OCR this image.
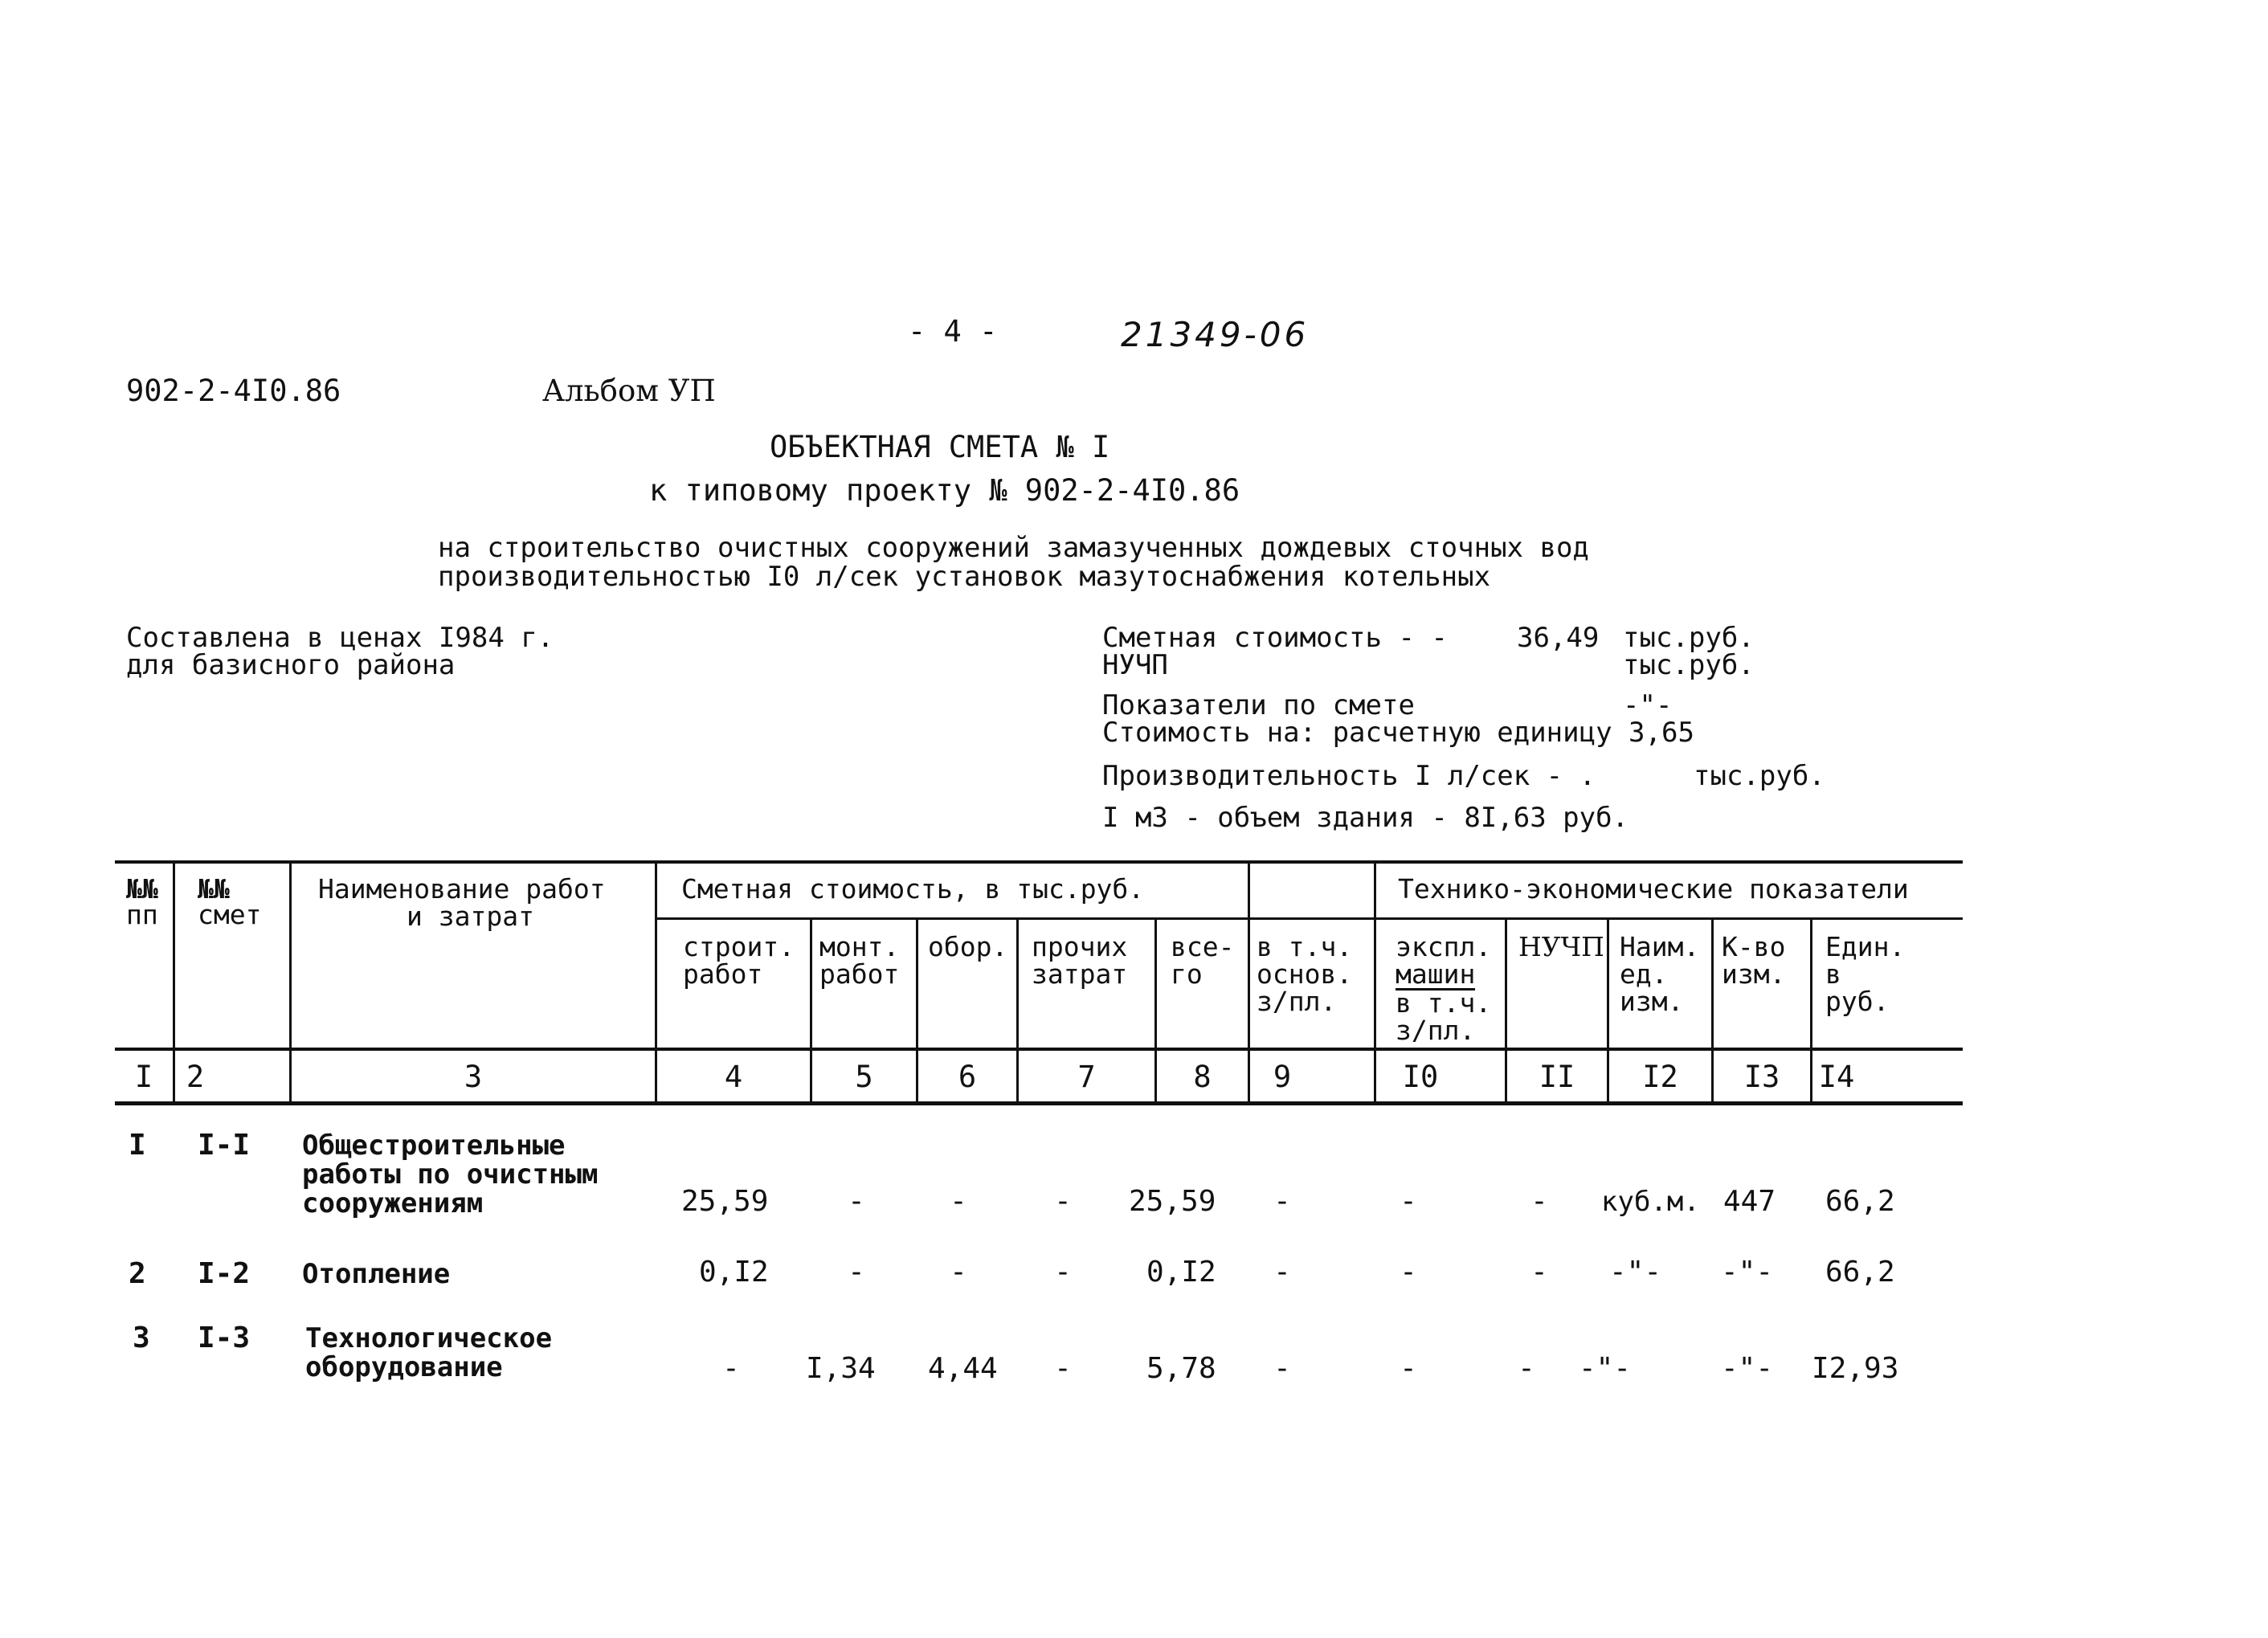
- 4 -	21349-06
902-2-4I0.86	Альбом УП
ОБЪЕКТНАЯ СМЕТА № I
к типовому проекту № 902-2-4I0.86
на строительство очистных сооружений замазученных дождевых сточных вод
производительностью I0 л/сек установок мазутоснабжения котельных
Составлена в ценах I984 г.
для базисного района
Сметная стоимость - -	36,49 тыс.руб.
НУЧП	тыс.руб.
Показатели по смете	-"-
Стоимость на: расчетную единицу 3,65
Производительность I л/сек - .	тыс.руб.
I м3 - объем здания - 8I,63 руб.
№№
пп
№№
смет
Наименование работ
и затрат
Сметная стоимость, в тыс.руб.	Технико-экономические показатели
строит.
работ
монт.
работ
обор. прочих
затрат
все-
го
в т.ч.
основ.
з/пл.
экспл.
машин
в т.ч.
з/пл.
НУЧП Наим.
ед.
изм.
К-во
изм.
Един.
в
руб.
I	2	3	4	5	6	7	8	9	I0	II	I2	I3	I4
I I-I Общестроительные
работы по очистным
сооружениям	25,59	-	-	-	25,59	-	-	-	куб.м. 447 66,2
2 I-2 Отопление	0,I2	-	-	-	0,I2	-	-	-	-"- -"- 66,2
3 I-3 Технологическое
оборудование	-	I,34 4,44	-	5,78	-	-	-	-"-	-"- I2,93
